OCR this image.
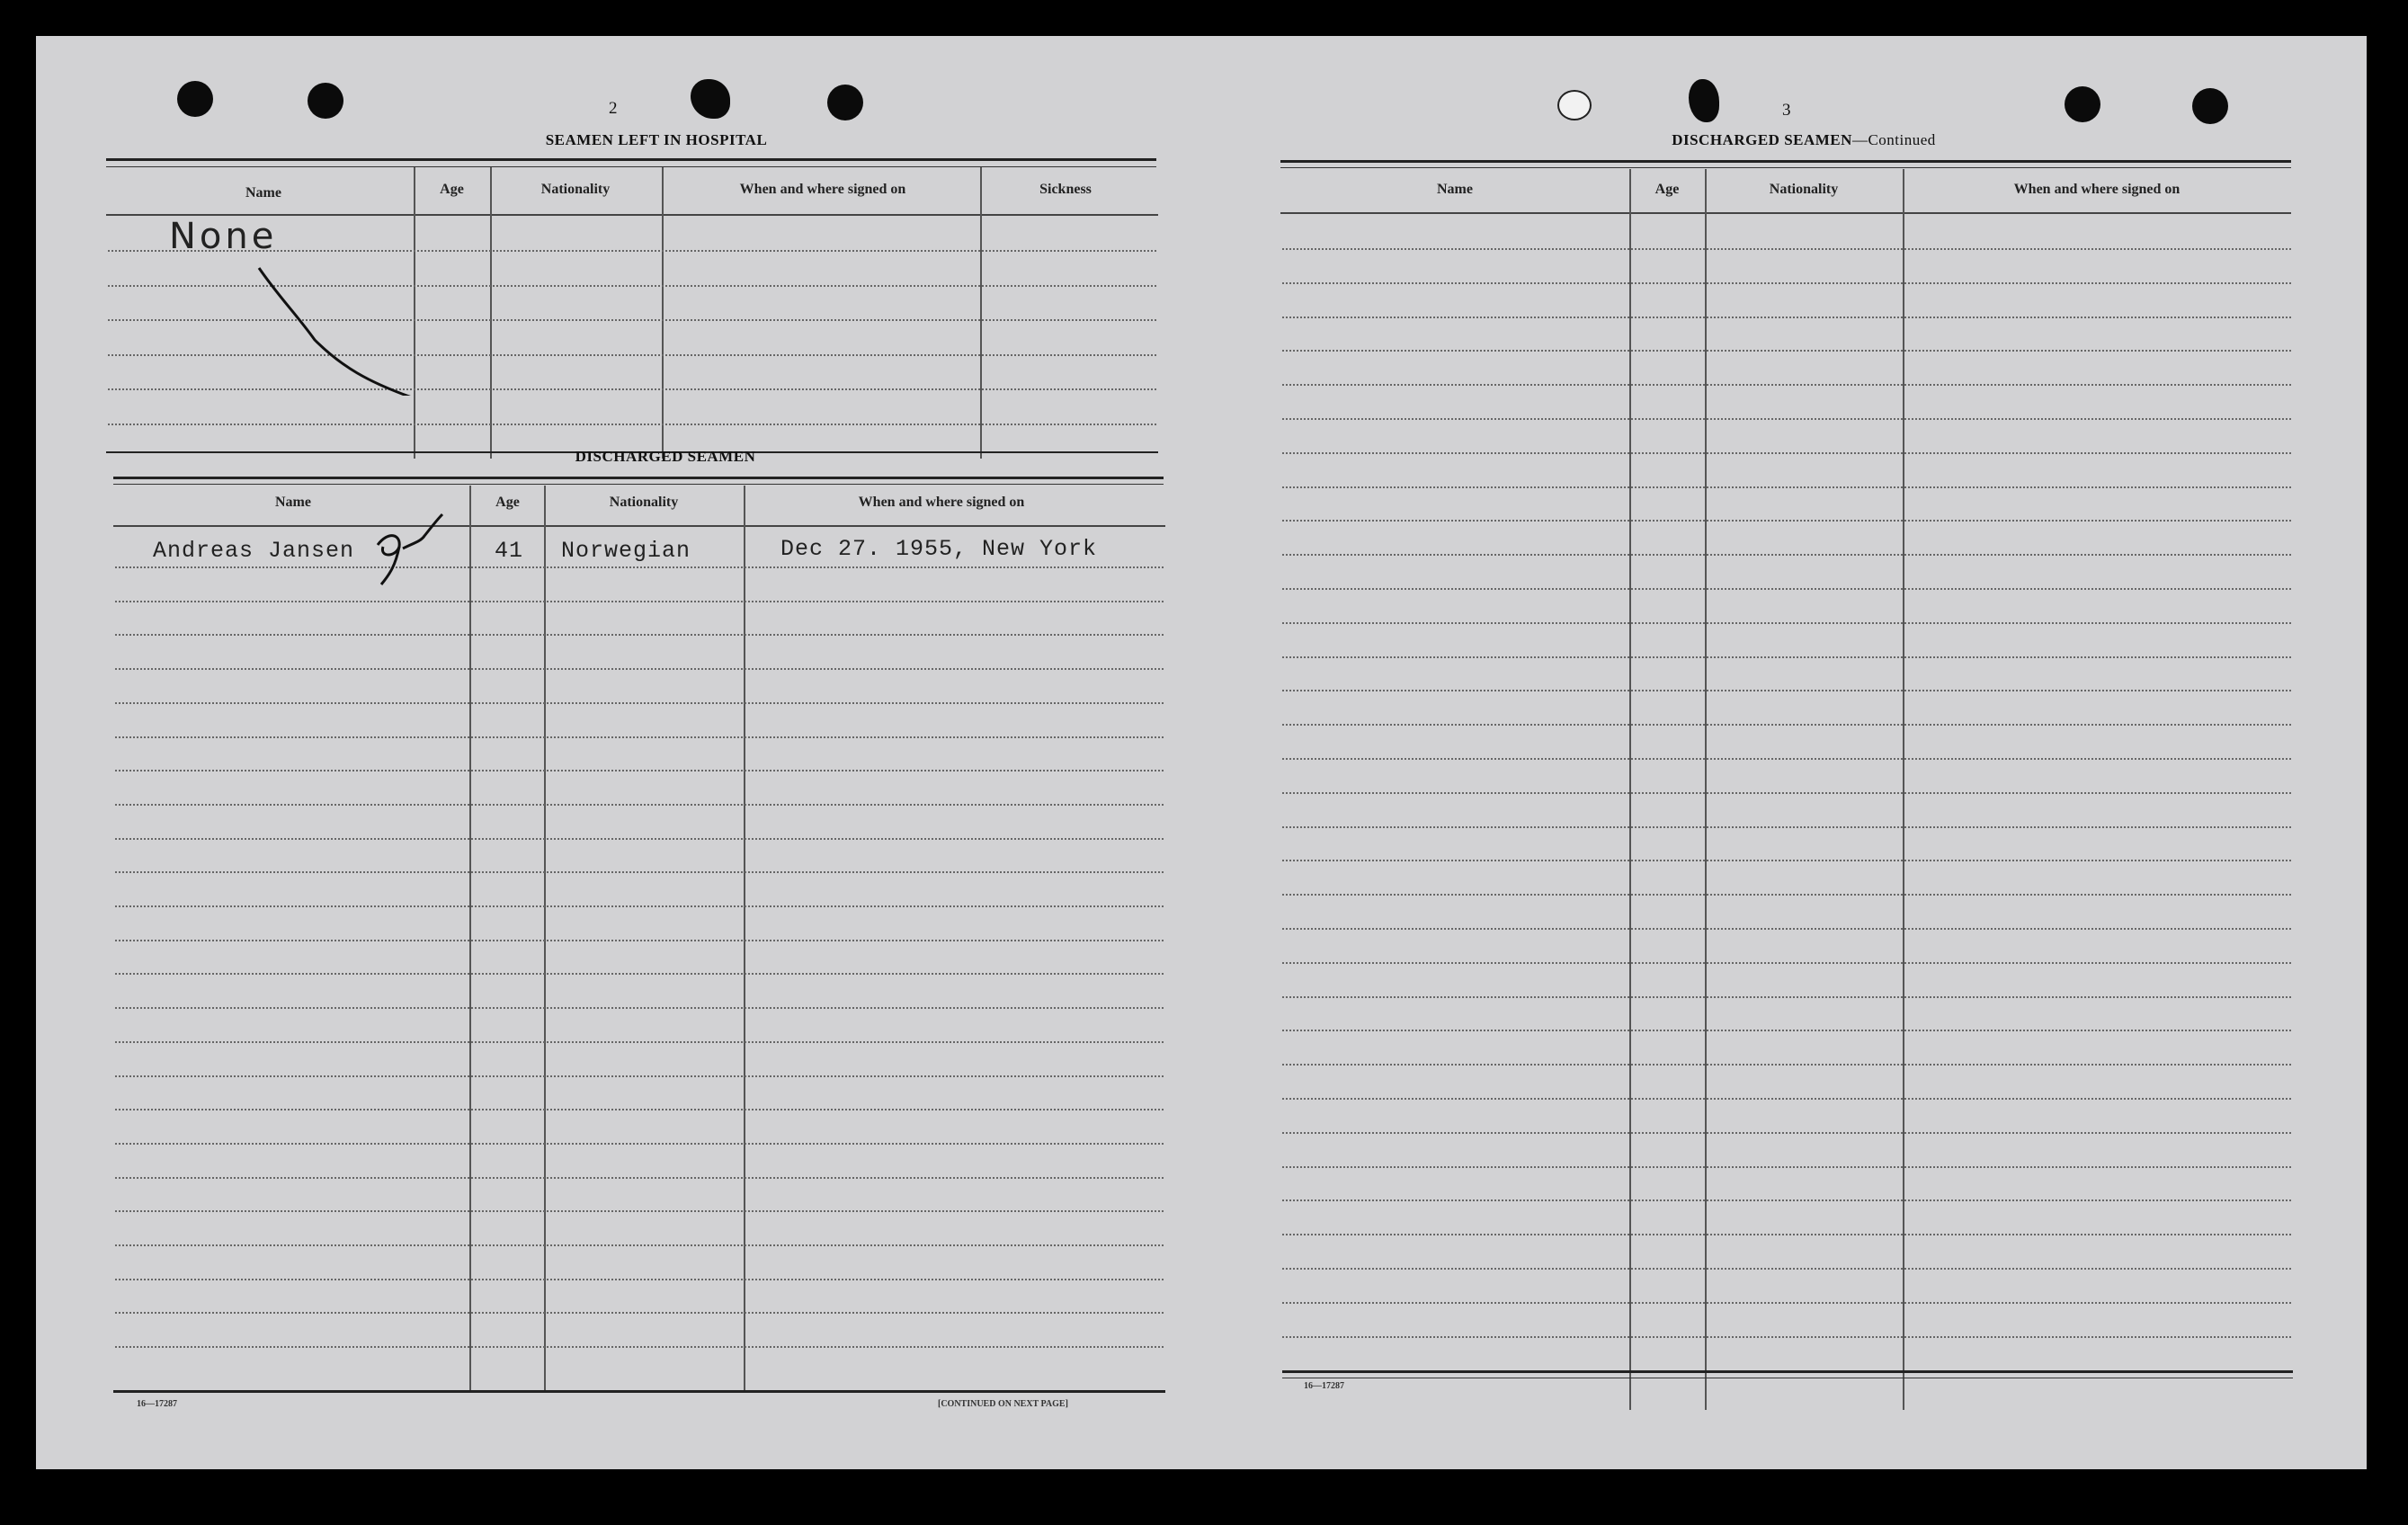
2
SEAMEN LEFT IN HOSPITAL
Name	Age	Nationality	When and where signed on	Sickness
None
DISCHARGED SEAMEN
Name	Age	Nationality	When and where signed on
Andreas Jansen	41 Norwegian	Dec 27. 1955, New York
16—17287	[CONTINUED ON NEXT PAGE]
3
DISCHARGED SEAMEN—Continued
Name	Age	Nationality	When and where signed on
16—17287
